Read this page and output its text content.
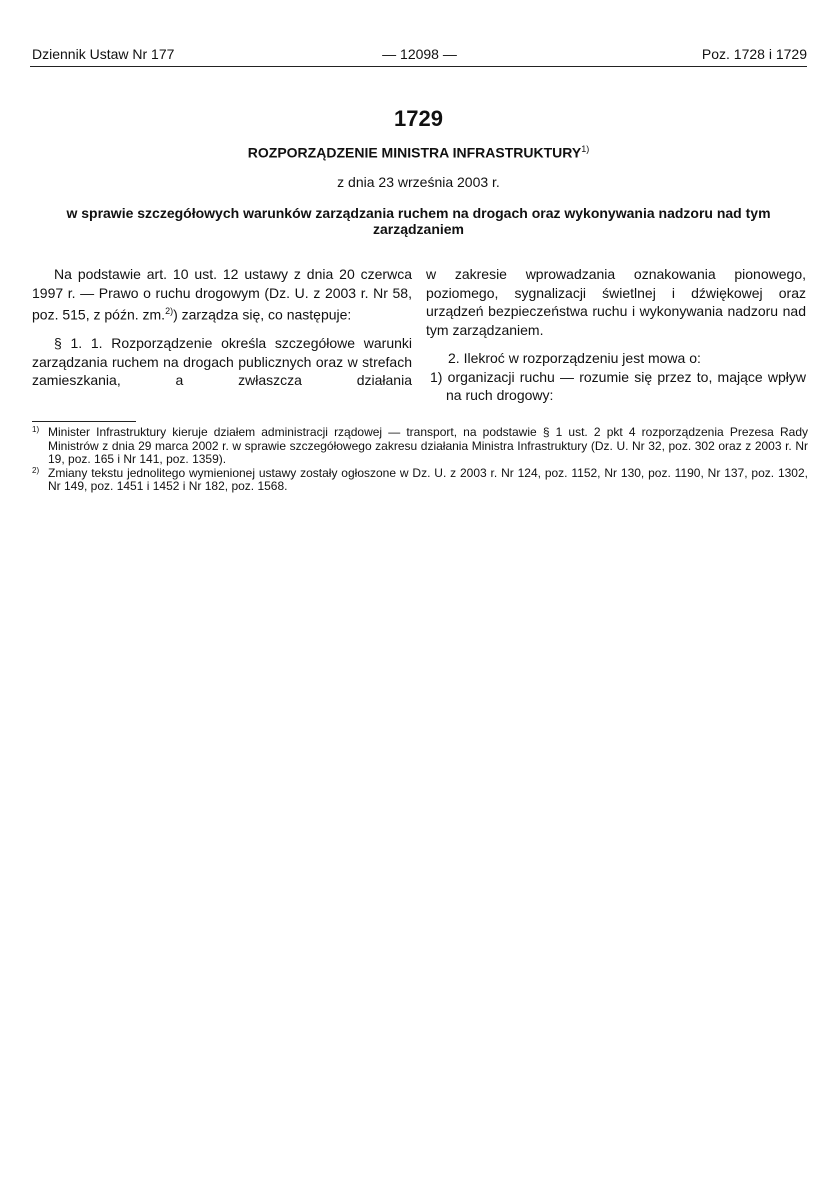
Dziennik Ustaw Nr 177	— 12098 —	Poz. 1728 i 1729
1729
ROZPORZĄDZENIE MINISTRA INFRASTRUKTURY$^{1)}$
z dnia 23 września 2003 r.
w sprawie szczegółowych warunków zarządzania ruchem na drogach oraz wykonywania nadzoru nad tym zarządzaniem

Na podstawie art. 10 ust. 12 ustawy z dnia 20 czerwca 1997 r. — Prawo o ruchu drogowym (Dz. U. z 2003 r. Nr 58, poz. 515, z późn. zm.$^{2)}$) zarządza się, co następuje:

§ 1. 1. Rozporządzenie określa szczegółowe warunki zarządzania ruchem na drogach publicznych oraz w strefach zamieszkania, a zwłaszcza działania

w zakresie wprowadzania oznakowania pionowego, poziomego, sygnalizacji świetlnej i dźwiękowej oraz urządzeń bezpieczeństwa ruchu i wykonywania nadzoru nad tym zarządzaniem.

2. Ilekroć w rozporządzeniu jest mowa o:

1) organizacji ruchu — rozumie się przez to, mające wpływ na ruch drogowy:

1) Minister Infrastruktury kieruje działem administracji rządowej — transport, na podstawie § 1 ust. 2 pkt 4 rozporządzenia Prezesa Rady Ministrów z dnia 29 marca 2002 r. w sprawie szczegółowego zakresu działania Ministra Infrastruktury (Dz. U. Nr 32, poz. 302 oraz z 2003 r. Nr 19, poz. 165 i Nr 141, poz. 1359).
2) Zmiany tekstu jednolitego wymienionej ustawy zostały ogłoszone w Dz. U. z 2003 r. Nr 124, poz. 1152, Nr 130, poz. 1190, Nr 137, poz. 1302, Nr 149, poz. 1451 i 1452 i Nr 182, poz. 1568.
